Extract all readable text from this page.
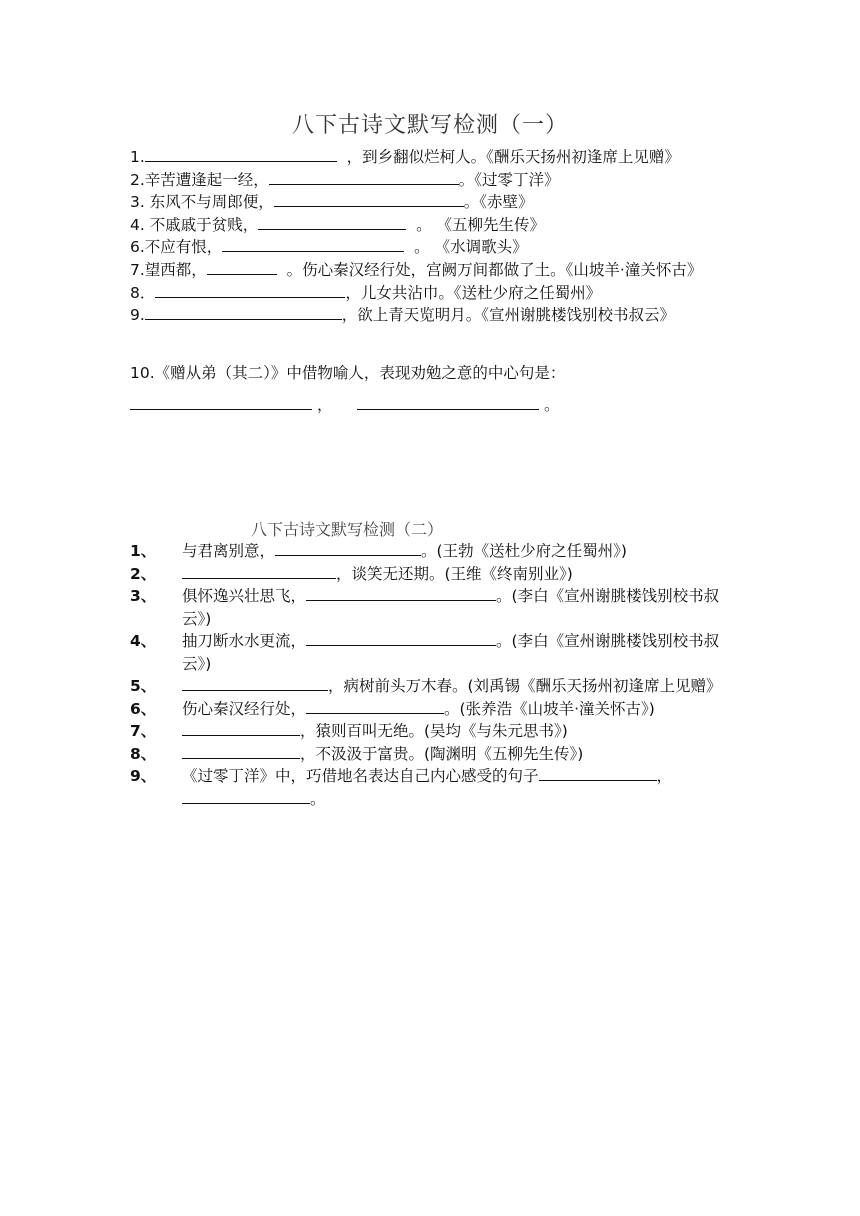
八下古诗文默写检测（一）
1.	，到乡翻似烂柯人。《酬乐天扬州初逢席上见赠》
2.辛苦遭逢起一经，	。《过零丁洋》
3. 东风不与周郎便，	。《赤壁》
4. 不戚戚于贫贱，	。 《五柳先生传》
6.不应有恨，	。 《水调歌头》
7.望西都，	。伤心秦汉经行处，宫阙万间都做了土。《山坡羊·潼关怀古》
8．	，儿女共沾巾。《送杜少府之任蜀州》
9.	，欲上青天览明月。《宣州谢朓楼饯别校书叔云》
10.《赠从弟（其二）》中借物喻人，表现劝勉之意的中心句是：
，	。
八下古诗文默写检测（二）
1、 与君离别意，	。(王勃《送杜少府之任蜀州》)
2、	，谈笑无还期。(王维《终南别业》)
3、 俱怀逸兴壮思飞，	。(李白《宣州谢朓楼饯别校书叔云》)
4、 抽刀断水水更流，	。(李白《宣州谢朓楼饯别校书叔云》)
5、	，病树前头万木春。(刘禹锡《酬乐天扬州初逢席上见赠》
6、 伤心秦汉经行处，	。(张养浩《山坡羊·潼关怀古》)
7、	，猿则百叫无绝。(吴均《与朱元思书》)
8、	，不汲汲于富贵。(陶渊明《五柳先生传》)
9、 《过零丁洋》中，巧借地名表达自己内心感受的句子	，。
